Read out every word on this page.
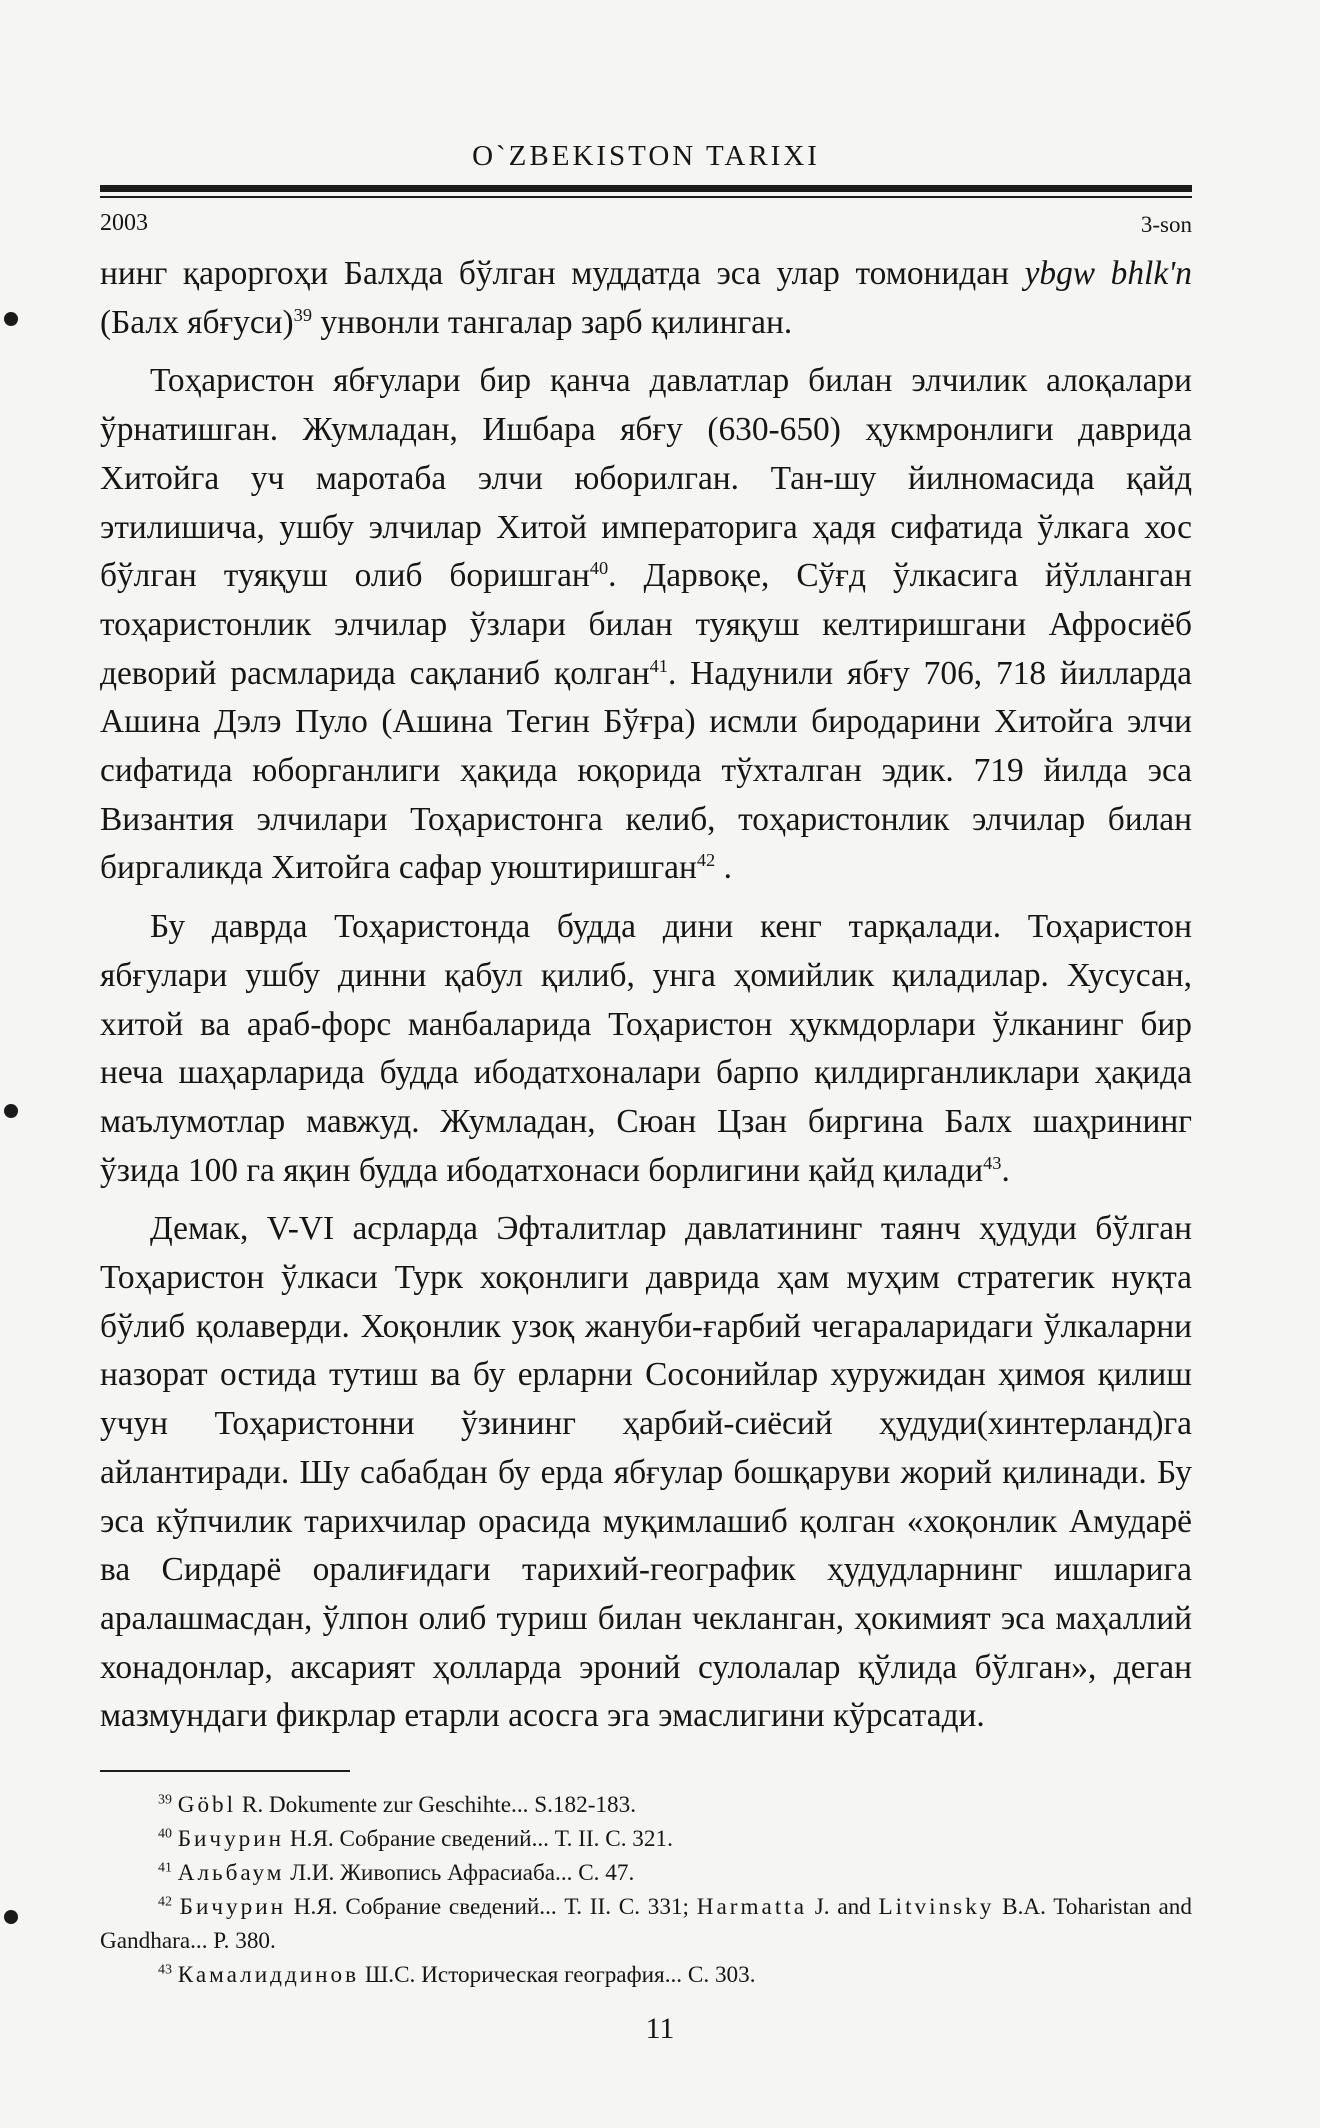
O`ZBEKISTON TARIXI
2003	3-son

нинг қароргоҳи Балхда бўлган муддатда эса улар томонидан ybgw bhlk'n (Балх ябғуси)$^{39}$ унвонли тангалар зарб қилинган.

Тоҳаристон ябғулари бир қанча давлатлар билан элчилик алоқалари ўрнатишган. Жумладан, Ишбара ябғу (630-650) ҳукмронлиги даврида Хитойга уч маротаба элчи юборилган. Тан-шу йилномасида қайд этилишича, ушбу элчилар Хитой императорига ҳадя сифатида ўлкага хос бўлган туяқуш олиб боришган$^{40}$. Дарвоқе, Сўғд ўлкасига йўлланган тоҳаристонлик элчилар ўзлари билан туяқуш келтиришгани Афросиёб деворий расмларида сақланиб қолган$^{41}$. Надунили ябғу 706, 718 йилларда Ашина Дэлэ Пуло (Ашина Тегин Бўғра) исмли биродарини Хитойга элчи сифатида юборганлиги ҳақида юқорида тўхталган эдик. 719 йилда эса Византия элчилари Тоҳаристонга келиб, тоҳаристонлик элчилар билан биргаликда Хитойга сафар уюштиришган$^{42}$ .

Бу даврда Тоҳаристонда будда дини кенг тарқалади. Тоҳаристон ябғулари ушбу динни қабул қилиб, унга ҳомийлик қиладилар. Хусусан, хитой ва араб-форс манбаларида Тоҳаристон ҳукмдорлари ўлканинг бир неча шаҳарларида будда ибодатхоналари барпо қилдирганликлари ҳақида маълумотлар мавжуд. Жумладан, Сюан Цзан биргина Балх шаҳрининг ўзида 100 га яқин будда ибодатхонаси борлигини қайд қилади$^{43}$.

Демак, V-VI асрларда Эфталитлар давлатининг таянч ҳудуди бўлган Тоҳаристон ўлкаси Турк хоқонлиги даврида ҳам муҳим стратегик нуқта бўлиб қолаверди. Хоқонлик узоқ жануби-ғарбий чегараларидаги ўлкаларни назорат остида тутиш ва бу ерларни Сосонийлар хуружидан ҳимоя қилиш учун Тоҳаристонни ўзининг ҳарбий-сиёсий ҳудуди(хинтерланд)га айлантиради. Шу сабабдан бу ерда ябғулар бошқаруви жорий қилинади. Бу эса кўпчилик тарихчилар орасида муқимлашиб қолган «хоқонлик Амударё ва Сирдарё оралиғидаги тарихий-географик ҳудудларнинг ишларига аралашмасдан, ўлпон олиб туриш билан чекланган, ҳокимият эса маҳаллий хонадонлар, аксарият ҳолларда эроний сулолалар қўлида бўлган», деган мазмундаги фикрлар етарли асосга эга эмаслигини кўрсатади.

$^{39}$ Göbl R. Dokumente zur Geschihte... S.182-183.
$^{40}$ Бичурин Н.Я. Собрание сведений... Т. II. С. 321.
$^{41}$ Альбаум Л.И. Живопись Афрасиаба... С. 47.
$^{42}$ Бичурин Н.Я. Собрание сведений... Т. II. С. 331; Harmatta J. and Litvinsky B.A. Toharistan and Gandhara... P. 380.
$^{43}$ Камалиддинов Ш.С. Историческая география... С. 303.
11
